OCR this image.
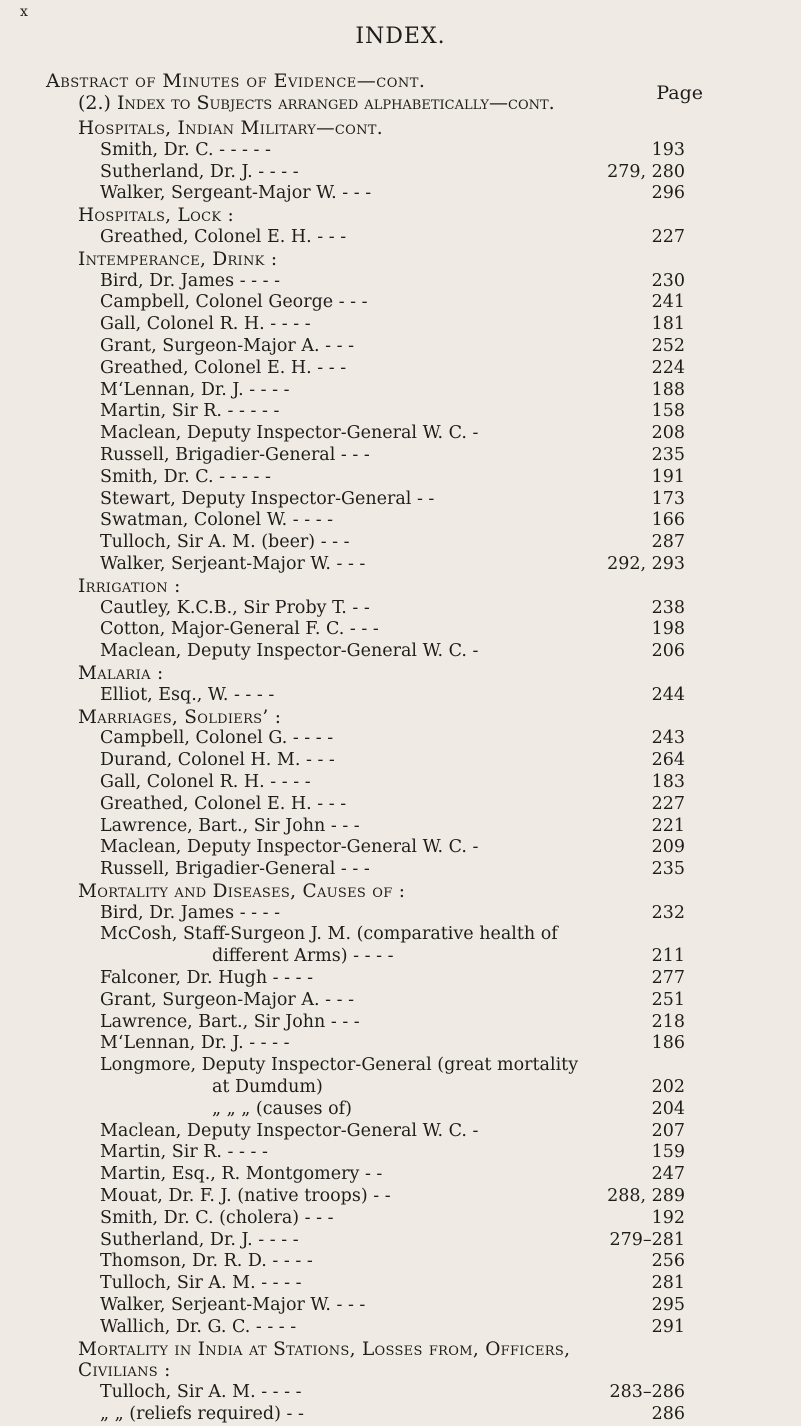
x
INDEX.
Abstract of Minutes of Evidence—cont.
Page
(2.) Index to Subjects arranged alphabetically—cont.
Hospitals, Indian Military—cont.
Smith, Dr. C. - - - - -	193
Sutherland, Dr. J. - - - -	279, 280
Walker, Sergeant-Major W. - - -	296
Hospitals, Lock :
Greathed, Colonel E. H. - - -	227
Intemperance, Drink :
Bird, Dr. James - - - -	230
Campbell, Colonel George - - -	241
Gall, Colonel R. H. - - - -	181
Grant, Surgeon-Major A. - - -	252
Greathed, Colonel E. H. - - -	224
M‘Lennan, Dr. J. - - - -	188
Martin, Sir R. - - - - -	158
Maclean, Deputy Inspector-General W. C. -	208
Russell, Brigadier-General - - -	235
Smith, Dr. C. - - - - -	191
Stewart, Deputy Inspector-General - -	173
Swatman, Colonel W. - - - -	166
Tulloch, Sir A. M. (beer) - - -	287
Walker, Serjeant-Major W. - - -	292, 293
Irrigation :
Cautley, K.C.B., Sir Proby T. - -	238
Cotton, Major-General F. C. - - -	198
Maclean, Deputy Inspector-General W. C. -	206
Malaria :
Elliot, Esq., W. - - - -	244
Marriages, Soldiers’ :
Campbell, Colonel G. - - - -	243
Durand, Colonel H. M. - - -	264
Gall, Colonel R. H. - - - -	183
Greathed, Colonel E. H. - - -	227
Lawrence, Bart., Sir John - - -	221
Maclean, Deputy Inspector-General W. C. -	209
Russell, Brigadier-General - - -	235
Mortality and Diseases, Causes of :
Bird, Dr. James - - - -	232
McCosh, Staff-Surgeon J. M. (comparative health of
different Arms) - - - -	211
Falconer, Dr. Hugh - - - -	277
Grant, Surgeon-Major A. - - -	251
Lawrence, Bart., Sir John - - -	218
M‘Lennan, Dr. J. - - - -	186
Longmore, Deputy Inspector-General (great mortality
at Dumdum)	202
„ „ „ (causes of)	204
Maclean, Deputy Inspector-General W. C. -	207
Martin, Sir R. - - - -	159
Martin, Esq., R. Montgomery - -	247
Mouat, Dr. F. J. (native troops) - -	288, 289
Smith, Dr. C. (cholera) - - -	192
Sutherland, Dr. J. - - - -	279–281
Thomson, Dr. R. D. - - - -	256
Tulloch, Sir A. M. - - - -	281
Walker, Serjeant-Major W. - - -	295
Wallich, Dr. G. C. - - - -	291
Mortality in India at Stations, Losses from, Officers,
Civilians :
Tulloch, Sir A. M. - - - -	283–286
„ „ (reliefs required) - -	286
